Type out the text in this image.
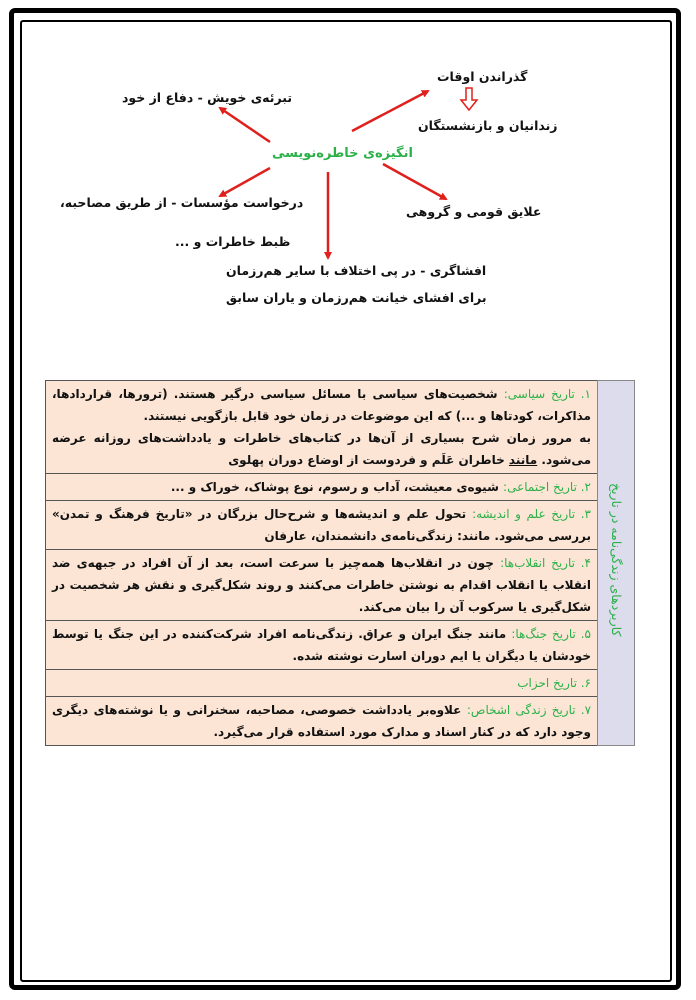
انگیزه‌ی خاطره‌نویسی
تبرئه‌ی خویش - دفاع از خود
گذراندن اوقات
زندانیان و بازنشستگان
درخواست مؤسسات - از طریق مصاحبه،
ظبط خاطرات و ...
علایق قومی و گروهی
افشاگری - در پی اختلاف با سایر هم‌رزمان
برای افشای خیانت هم‌رزمان و یاران سابق
کاربردهای زندگی‌نامه در تاریخ	۱. تاریخ سیاسی: شخصیت‌های سیاسی با مسائل سیاسی درگیر هستند. (ترورها، قراردادها، مذاکرات، کودتاها و ...) که این موضوعات در زمان خود قابل بازگویی نیستند.
به مرور زمان شرح بسیاری از آن‌ها در کتاب‌های خاطرات و یادداشت‌های روزانه عرضه می‌شود. مانند خاطران عَلَم و فردوست از اوضاع دوران پهلوی
۲. تاریخ اجتماعی: شیوه‌ی معیشت، آداب و رسوم، نوع پوشاک، خوراک و ...
۳. تاریخ علم و اندیشه: تحول علم و اندیشه‌ها و شرح‌حال بزرگان در «تاریخ فرهنگ و تمدن» بررسی می‌شود. مانند: زندگی‌نامه‌ی دانشمندان، عارفان
۴. تاریخ انقلاب‌ها: چون در انقلاب‌ها همه‌چیز با سرعت است، بعد از آن افراد در جبهه‌ی ضد انقلاب یا انقلاب اقدام به نوشتن خاطرات می‌کنند و روند شکل‌گیری و نقش هر شخصیت در شکل‌گیری یا سرکوب آن را بیان می‌کند.
۵. تاریخ جنگ‌ها: مانند جنگ ایران و عراق. زندگی‌نامه افراد شرکت‌کننده در این جنگ یا توسط خودشان یا دیگران یا ایم دوران اسارت نوشته شده.
۶. تاریخ احزاب
۷. تاریخ زندگی اشخاص: علاوه‌بر یادداشت خصوصی، مصاحبه، سخنرانی و یا نوشته‌های دیگری وجود دارد که در کنار اسناد و مدارک مورد استفاده قرار می‌گیرد.
